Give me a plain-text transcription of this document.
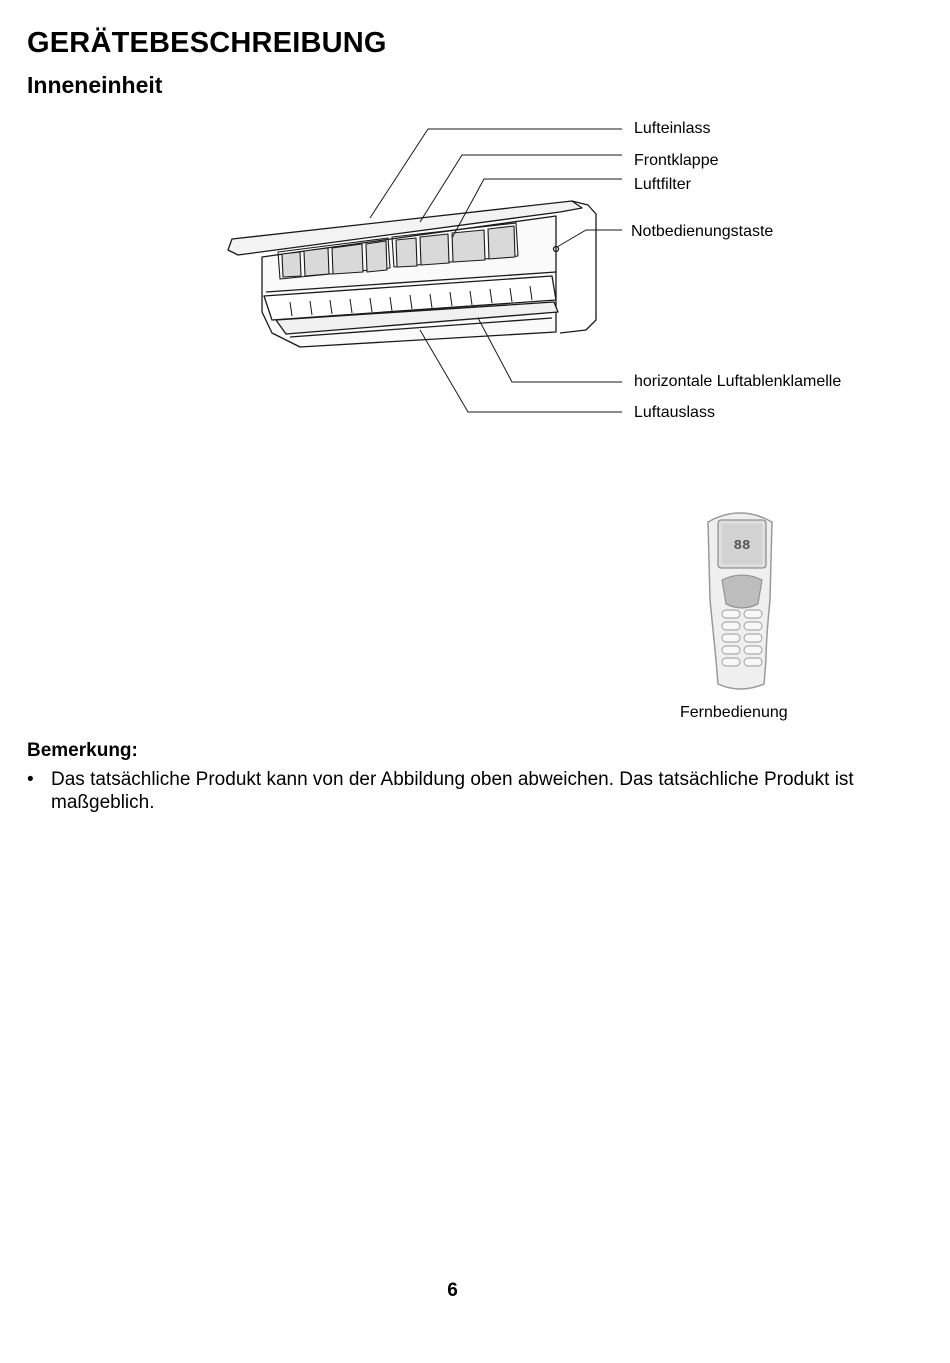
GERÄTEBESCHREIBUNG
Inneneinheit
88
Lufteinlass
Frontklappe
Luftfilter
Notbedienungstaste
horizontale Luftablenklamelle
Luftauslass
Fernbedienung
Bemerkung:
• Das tatsächliche Produkt kann von der Abbildung oben abweichen. Das tatsächliche Produkt ist maßgeblich.
6
